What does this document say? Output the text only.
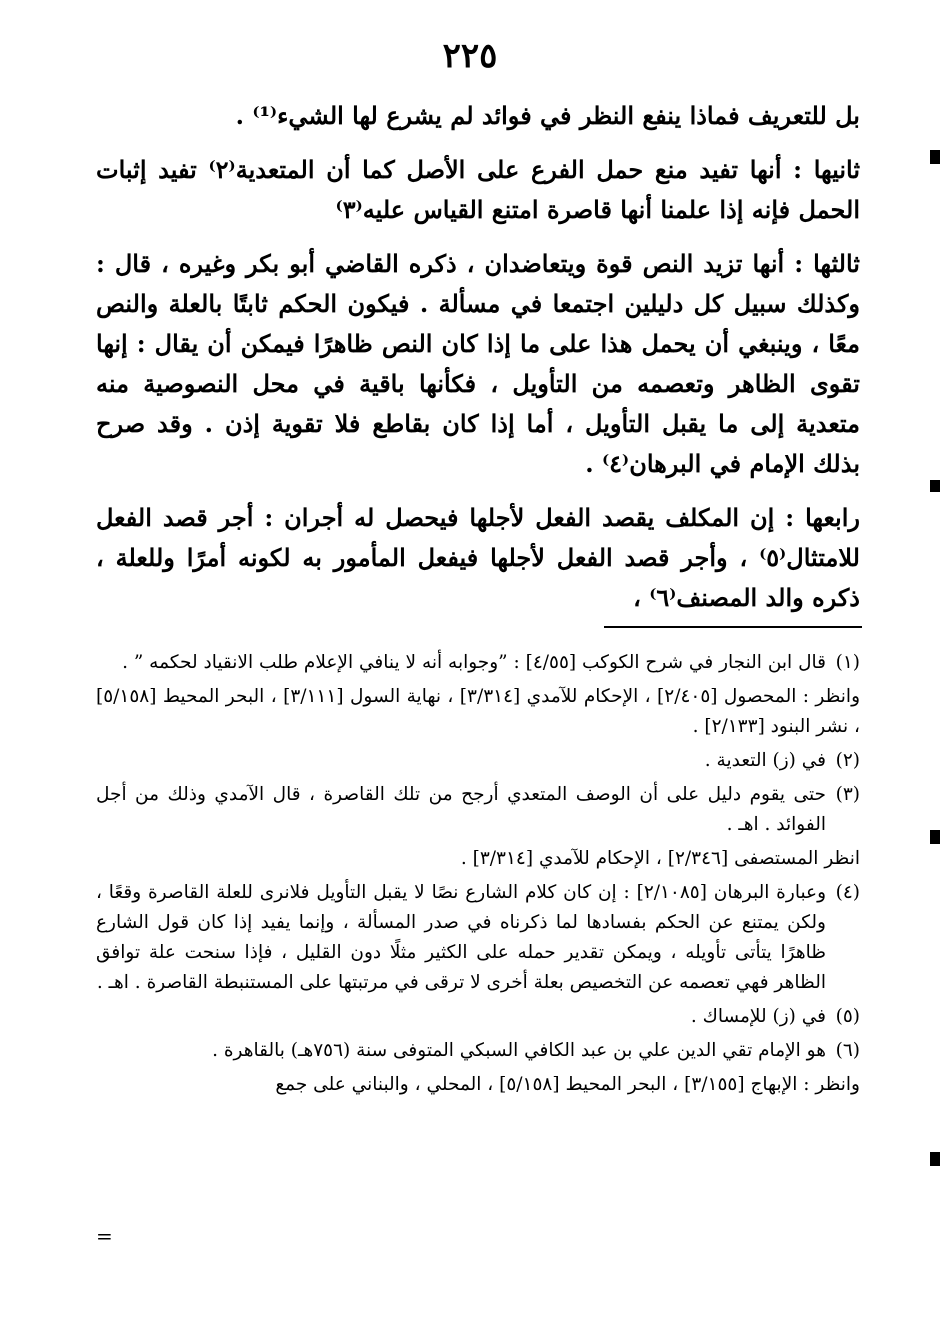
٢٢٥

بل للتعريف فماذا ينفع النظر في فوائد لم يشرع لها الشيء⁽¹⁾ .

ثانيها : أنها تفيد منع حمل الفرع على الأصل كما أن المتعدية⁽٢⁾ تفيد إثبات الحمل فإنه إذا علمنا أنها قاصرة امتنع القياس عليه⁽٣⁾

ثالثها : أنها تزيد النص قوة ويتعاضدان ، ذكره القاضي أبو بكر وغيره ، قال : وكذلك سبيل كل دليلين اجتمعا في مسألة . فيكون الحكم ثابتًا بالعلة والنص معًا ، وينبغي أن يحمل هذا على ما إذا كان النص ظاهرًا فيمكن أن يقال : إنها تقوى الظاهر وتعصمه من التأويل ، فكأنها باقية في محل النصوصية منه متعدية إلى ما يقبل التأويل ، أما إذا كان بقاطع فلا تقوية إذن . وقد صرح بذلك الإمام في البرهان⁽٤⁾ .

رابعها : إن المكلف يقصد الفعل لأجلها فيحصل له أجران : أجر قصد الفعل للامتثال⁽٥⁾ ، وأجر قصد الفعل لأجلها فيفعل المأمور به لكونه أمرًا وللعلة ، ذكره والد المصنف⁽٦⁾ ،

(١)
قال ابن النجار في شرح الكوكب [٤/٥٥] : ”وجوابه أنه لا ينافي الإعلام طلب الانقياد لحكمه ” .
وانظر : المحصول [٢/٤٠٥] ، الإحكام للآمدي [٣/٣١٤] ، نهاية السول [٣/١١١] ، البحر المحيط [٥/١٥٨] ، نشر البنود [٢/١٣٣] .
(٢)
في (ز) التعدية .
(٣)
حتى يقوم دليل على أن الوصف المتعدي أرجح من تلك القاصرة ، قال الآمدي وذلك من أجل الفوائد . اهـ .
انظر المستصفى [٢/٣٤٦] ، الإحكام للآمدي [٣/٣١٤] .
(٤)
وعبارة البرهان [٢/١٠٨٥] : إن كان كلام الشارع نصًا لا يقبل التأويل فلانرى للعلة القاصرة وقعًا ، ولكن يمتنع عن الحكم بفسادها لما ذكرناه في صدر المسألة ، وإنما يفيد إذا كان قول الشارع ظاهرًا يتأتى تأويله ، ويمكن تقدير حمله على الكثير مثلًا دون القليل ، فإذا سنحت علة توافق الظاهر فهي تعصمه عن التخصيص بعلة أخرى لا ترقى في مرتبتها على المستنبطة القاصرة . اهـ .
(٥)
في (ز) للإمساك .
(٦)
هو الإمام تقي الدين علي بن عبد الكافي السبكي المتوفى سنة (٧٥٦هـ) بالقاهرة .
وانظر : الإبهاج [٣/١٥٥] ، البحر المحيط [٥/١٥٨] ، المحلي ، والبناني على جمع
=
